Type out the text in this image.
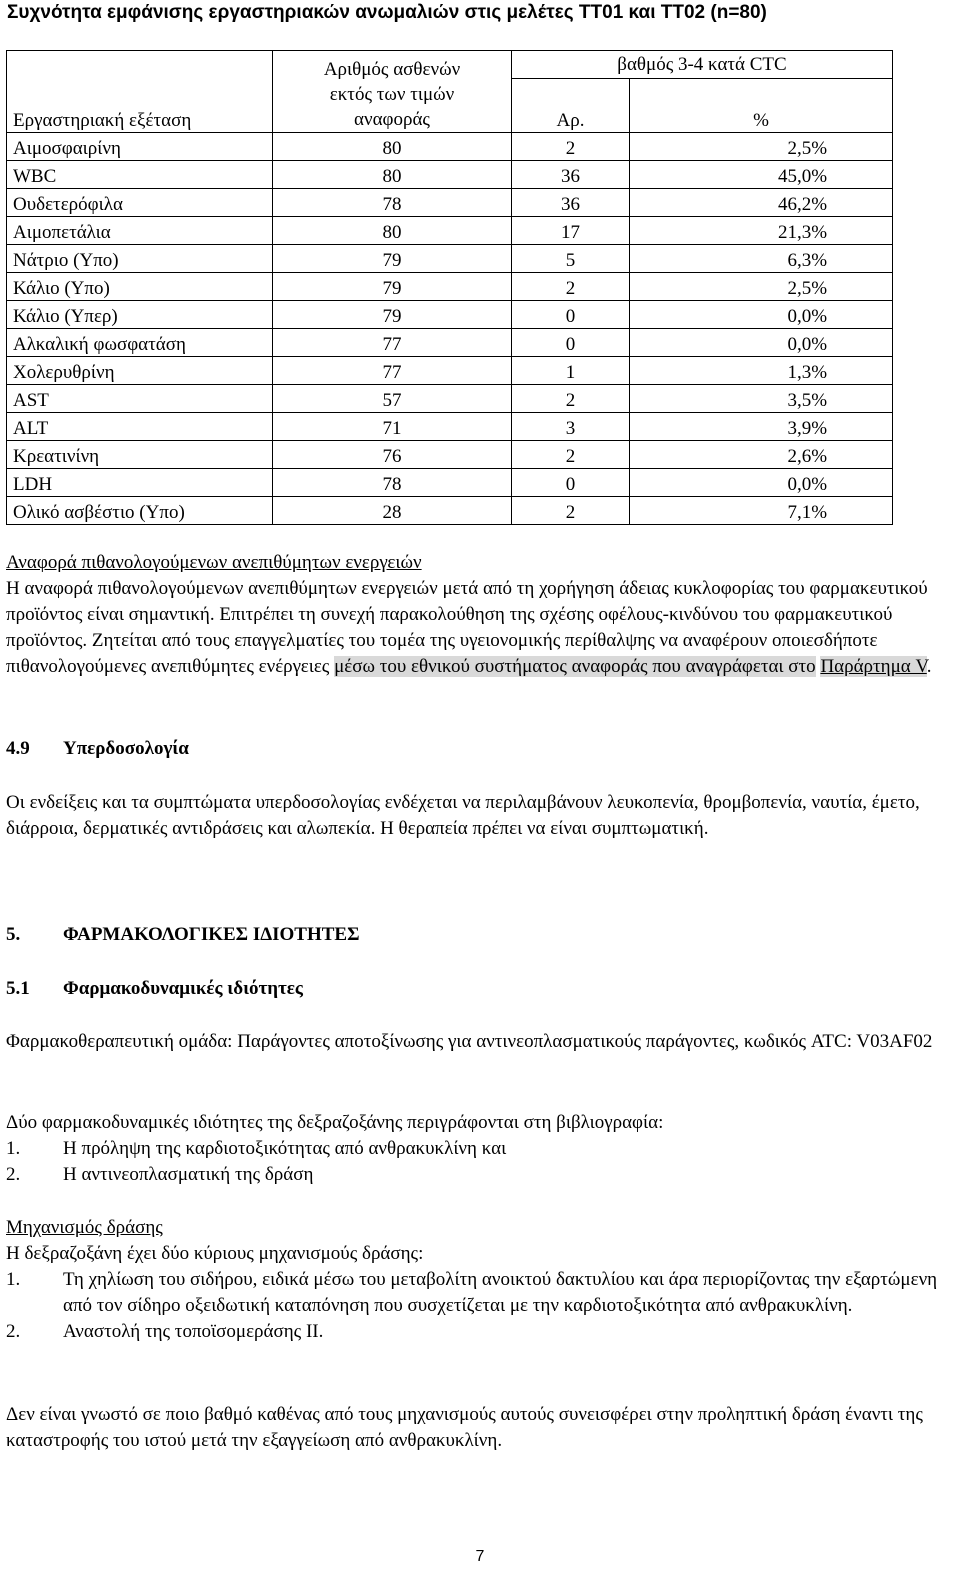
Συχνότητα εμφάνισης εργαστηριακών ανωμαλιών στις μελέτες TT01 και TT02 (n=80)
Εργαστηριακή εξέταση	Αριθμός ασθενών
εκτός των τιμών
αναφοράς	βαθμός 3-4 κατά CTC	
		Αρ.	%
Αιμοσφαιρίνη	80	2	2,5%
WBC	80	36	45,0%
Ουδετερόφιλα	78	36	46,2%
Αιμοπετάλια	80	17	21,3%
Νάτριο (Υπο)	79	5	6,3%
Κάλιο (Υπο)	79	2	2,5%
Κάλιο (Υπερ)	79	0	0,0%
Αλκαλική φωσφατάση	77	0	0,0%
Χολερυθρίνη	77	1	1,3%
AST	57	2	3,5%
ALT	71	3	3,9%
Κρεατινίνη	76	2	2,6%
LDH	78	0	0,0%
Ολικό ασβέστιο (Υπο)	28	2	7,1%
Αναφορά πιθανολογούμενων ανεπιθύμητων ενεργειών
Η αναφορά πιθανολογούμενων ανεπιθύμητων ενεργειών μετά από τη χορήγηση άδειας κυκλοφορίας του φαρμακευτικού προϊόντος είναι σημαντική. Επιτρέπει τη συνεχή παρακολούθηση της σχέσης οφέλους-κινδύνου του φαρμακευτικού προϊόντος. Ζητείται από τους επαγγελματίες του τομέα της υγειονομικής περίθαλψης να αναφέρουν οποιεσδήποτε πιθανολογούμενες ανεπιθύμητες ενέργειες μέσω του εθνικού συστήματος αναφοράς που αναγράφεται στο Παράρτημα V.
4.9 Υπερδοσολογία
Οι ενδείξεις και τα συμπτώματα υπερδοσολογίας ενδέχεται να περιλαμβάνουν λευκοπενία, θρομβοπενία, ναυτία, έμετο, διάρροια, δερματικές αντιδράσεις και αλωπεκία. Η θεραπεία πρέπει να είναι συμπτωματική.
5. ΦΑΡΜΑΚΟΛΟΓΙΚΕΣ ΙΔΙΟΤΗΤΕΣ
5.1 Φαρμακοδυναμικές ιδιότητες
Φαρμακοθεραπευτική ομάδα: Παράγοντες αποτοξίνωσης για αντινεοπλασματικούς παράγοντες, κωδικός ATC: V03AF02
Δύο φαρμακοδυναμικές ιδιότητες της δεξραζοξάνης περιγράφονται στη βιβλιογραφία:
1.	Η πρόληψη της καρδιοτοξικότητας από ανθρακυκλίνη και
2.	Η αντινεοπλασματική της δράση
Μηχανισμός δράσης
Η δεξραζοξάνη έχει δύο κύριους μηχανισμούς δράσης:
1.	Τη χηλίωση του σιδήρου, ειδικά μέσω του μεταβολίτη ανοικτού δακτυλίου και άρα περιορίζοντας την εξαρτώμενη από τον σίδηρο οξειδωτική καταπόνηση που συσχετίζεται με την καρδιοτοξικότητα από ανθρακυκλίνη.
2.	Αναστολή της τοποϊσομεράσης II.
Δεν είναι γνωστό σε ποιο βαθμό καθένας από τους μηχανισμούς αυτούς συνεισφέρει στην προληπτική δράση έναντι της καταστροφής του ιστού μετά την εξαγγείωση από ανθρακυκλίνη.
7
